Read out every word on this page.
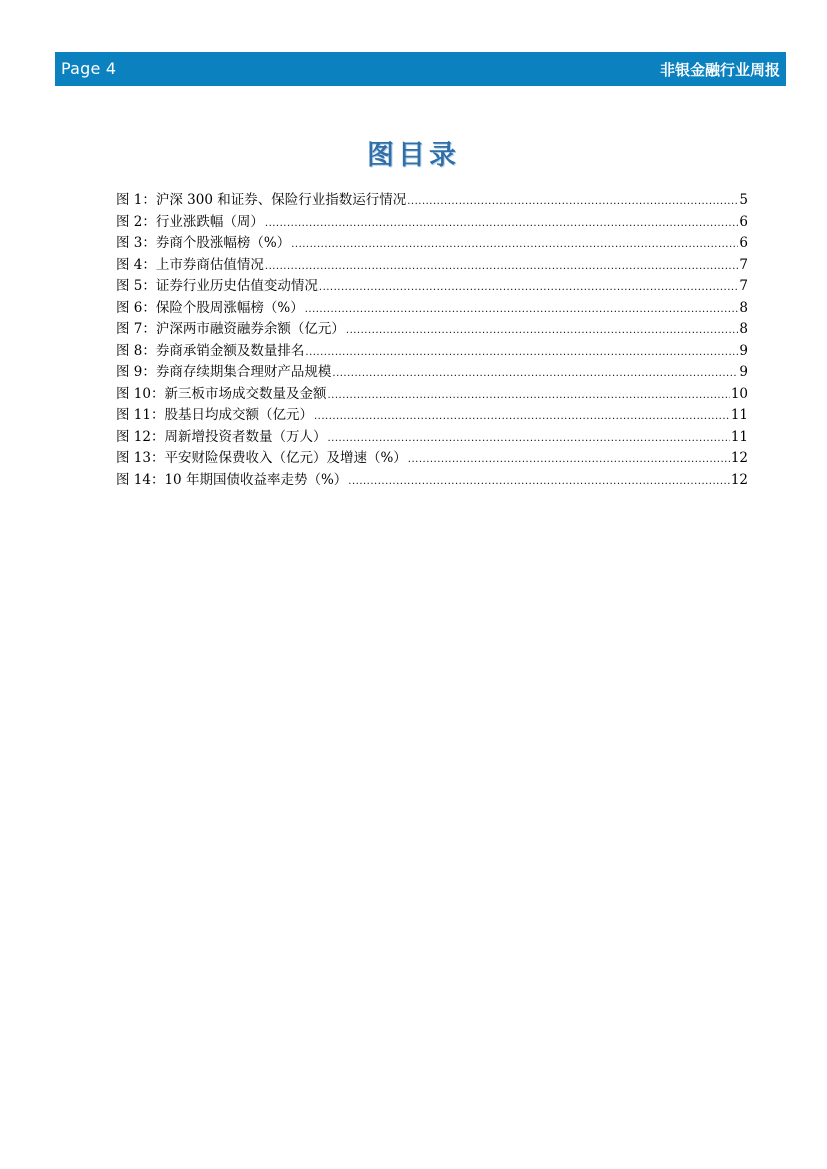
Page 4	非银金融行业周报
图目录
图 1：沪深 300 和证券、保险行业指数运行情况 .....	5
图 2：行业涨跌幅（周） .....	6
图 3：券商个股涨幅榜（%） .....	6
图 4：上市券商估值情况 .....	7
图 5：证券行业历史估值变动情况 .....	7
图 6：保险个股周涨幅榜（%） .....	8
图 7：沪深两市融资融券余额（亿元） .....	8
图 8：券商承销金额及数量排名 .....	9
图 9：券商存续期集合理财产品规模 .....	9
图 10：新三板市场成交数量及金额 .....	10
图 11：股基日均成交额（亿元） .....	11
图 12：周新增投资者数量（万人） .....	11
图 13：平安财险保费收入（亿元）及增速（%） .....	12
图 14：10 年期国债收益率走势（%） .....	12
